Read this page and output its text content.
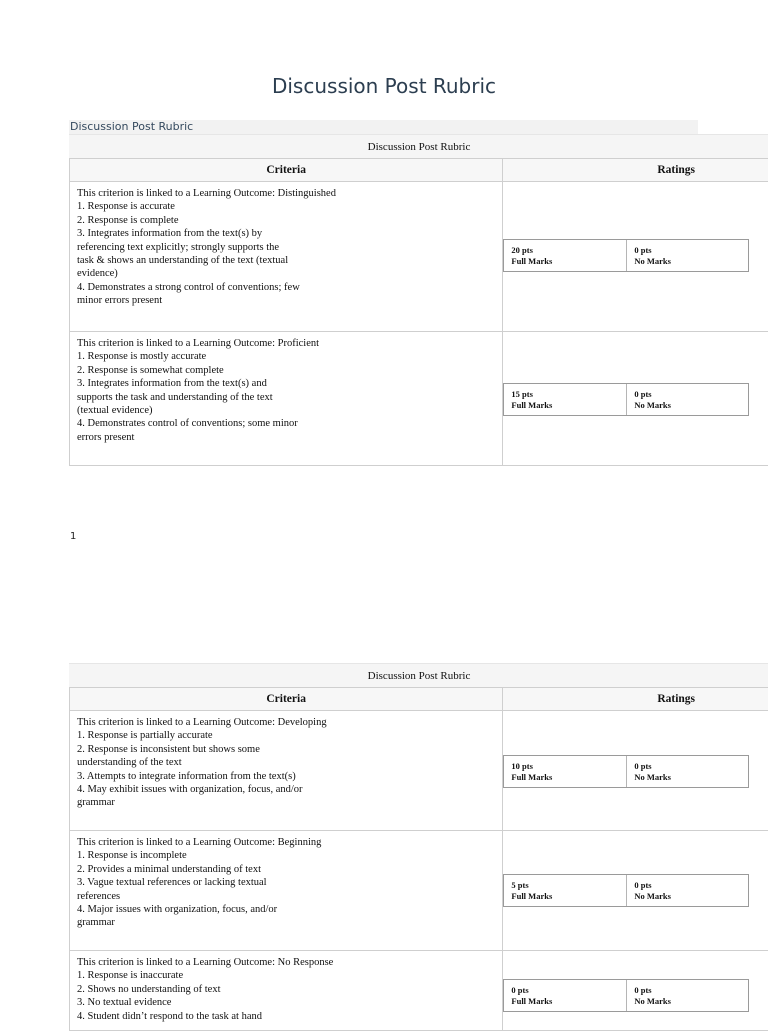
Discussion Post Rubric
Discussion Post Rubric
1
Discussion Post Rubric
Criteria	Ratings
This criterion is linked to a Learning Outcome: Distinguished
1. Response is accurate
2. Response is complete
3. Integrates information from the text(s) by
referencing text explicitly; strongly supports the
task & shows an understanding of the text (textual
evidence)
4. Demonstrates a strong control of conventions; few
minor errors present
20 pts
Full Marks
0 pts
No Marks
This criterion is linked to a Learning Outcome: Proficient
1. Response is mostly accurate
2. Response is somewhat complete
3. Integrates information from the text(s) and
supports the task and understanding of the text
(textual evidence)
4. Demonstrates control of conventions; some minor
errors present
15 pts
Full Marks
0 pts
No Marks
Discussion Post Rubric
Criteria	Ratings
This criterion is linked to a Learning Outcome: Developing
1. Response is partially accurate
2. Response is inconsistent but shows some
understanding of the text
3. Attempts to integrate information from the text(s)
4. May exhibit issues with organization, focus, and/or
grammar
10 pts
Full Marks
0 pts
No Marks
This criterion is linked to a Learning Outcome: Beginning
1. Response is incomplete
2. Provides a minimal understanding of text
3. Vague textual references or lacking textual
references
4. Major issues with organization, focus, and/or
grammar
5 pts
Full Marks
0 pts
No Marks
This criterion is linked to a Learning Outcome: No Response
1. Response is inaccurate
2. Shows no understanding of text
3. No textual evidence
4. Student didn’t respond to the task at hand
0 pts
Full Marks
0 pts
No Marks
